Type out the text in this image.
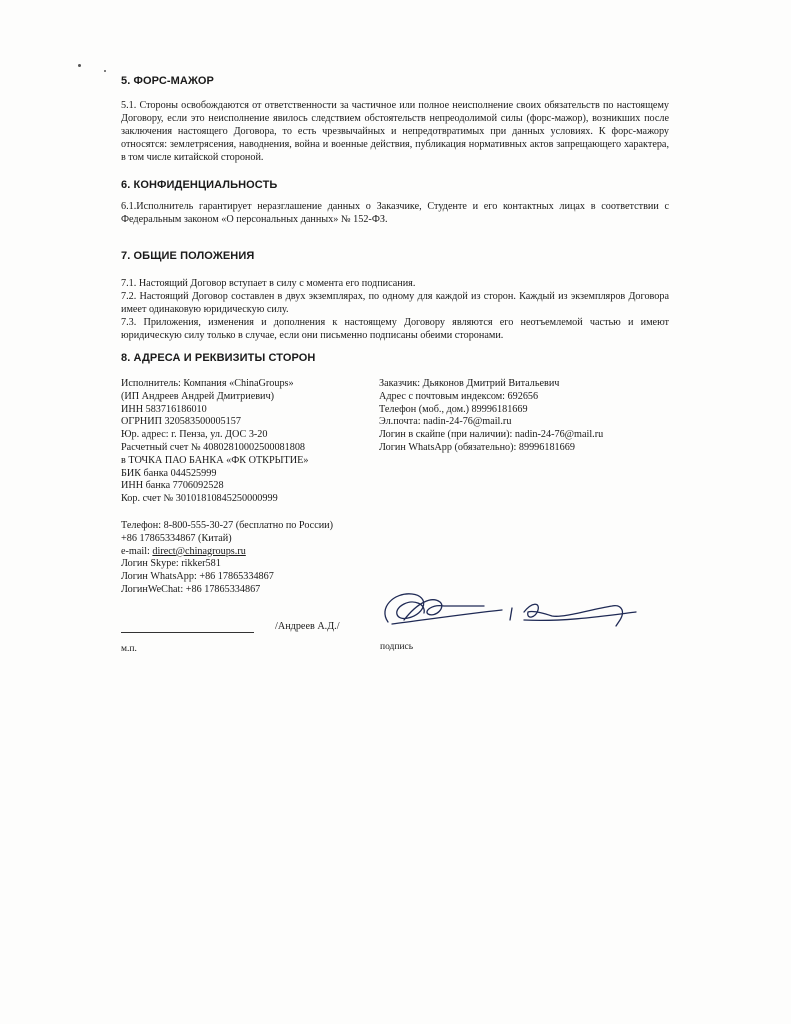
5. ФОРС-МАЖОР

5.1. Стороны освобождаются от ответственности за частичное или полное неисполнение своих обязательств по настоящему Договору, если это неисполнение явилось следствием обстоятельств непреодолимой силы (форс-мажор), возникших после заключения настоящего Договора, то есть чрезвычайных и непредотвратимых при данных условиях. К форс-мажору относятся: землетрясения, наводнения, война и военные действия, публикация нормативных актов запрещающего характера, в том числе китайской стороной.

6. КОНФИДЕНЦИАЛЬНОСТЬ

6.1.Исполнитель гарантирует неразглашение данных о Заказчике, Студенте и его контактных лицах в соответствии с Федеральным законом «О персональных данных» № 152-ФЗ.

7. ОБЩИЕ ПОЛОЖЕНИЯ

7.1. Настоящий Договор вступает в силу с момента его подписания.

7.2. Настоящий Договор составлен в двух экземплярах, по одному для каждой из сторон. Каждый из экземпляров Договора имеет одинаковую юридическую силу.

7.3. Приложения, изменения и дополнения к настоящему Договору являются его неотъемлемой частью и имеют юридическую силу только в случае, если они письменно подписаны обеими сторонами.

8. АДРЕСА И РЕКВИЗИТЫ СТОРОН
Исполнитель: Компания «ChinaGroups»
(ИП Андреев Андрей Дмитриевич)
ИНН 583716186010
ОГРНИП 320583500005157
Юр. адрес: г. Пенза, ул. ДОС 3-20
Расчетный счет № 40802810002500081808
в ТОЧКА ПАО БАНКА «ФК ОТКРЫТИЕ»
БИК банка 044525999
ИНН банка 7706092528
Кор. счет № 30101810845250000999
Телефон: 8-800-555-30-27 (бесплатно по России)
+86 17865334867 (Китай)
e-mail: direct@chinagroups.ru
Логин Skype: rikker581
Логин WhatsApp: +86 17865334867
ЛогинWeChat: +86 17865334867
Заказчик: Дьяконов Дмитрий Витальевич
Адрес с почтовым индексом: 692656
Телефон (моб., дом.) 89996181669
Эл.почта: nadin-24-76@mail.ru
Логин в скайпе (при наличии): nadin-24-76@mail.ru
Логин WhatsApp (обязательно): 89996181669
/Андреев А.Д./
м.п.	подпись
